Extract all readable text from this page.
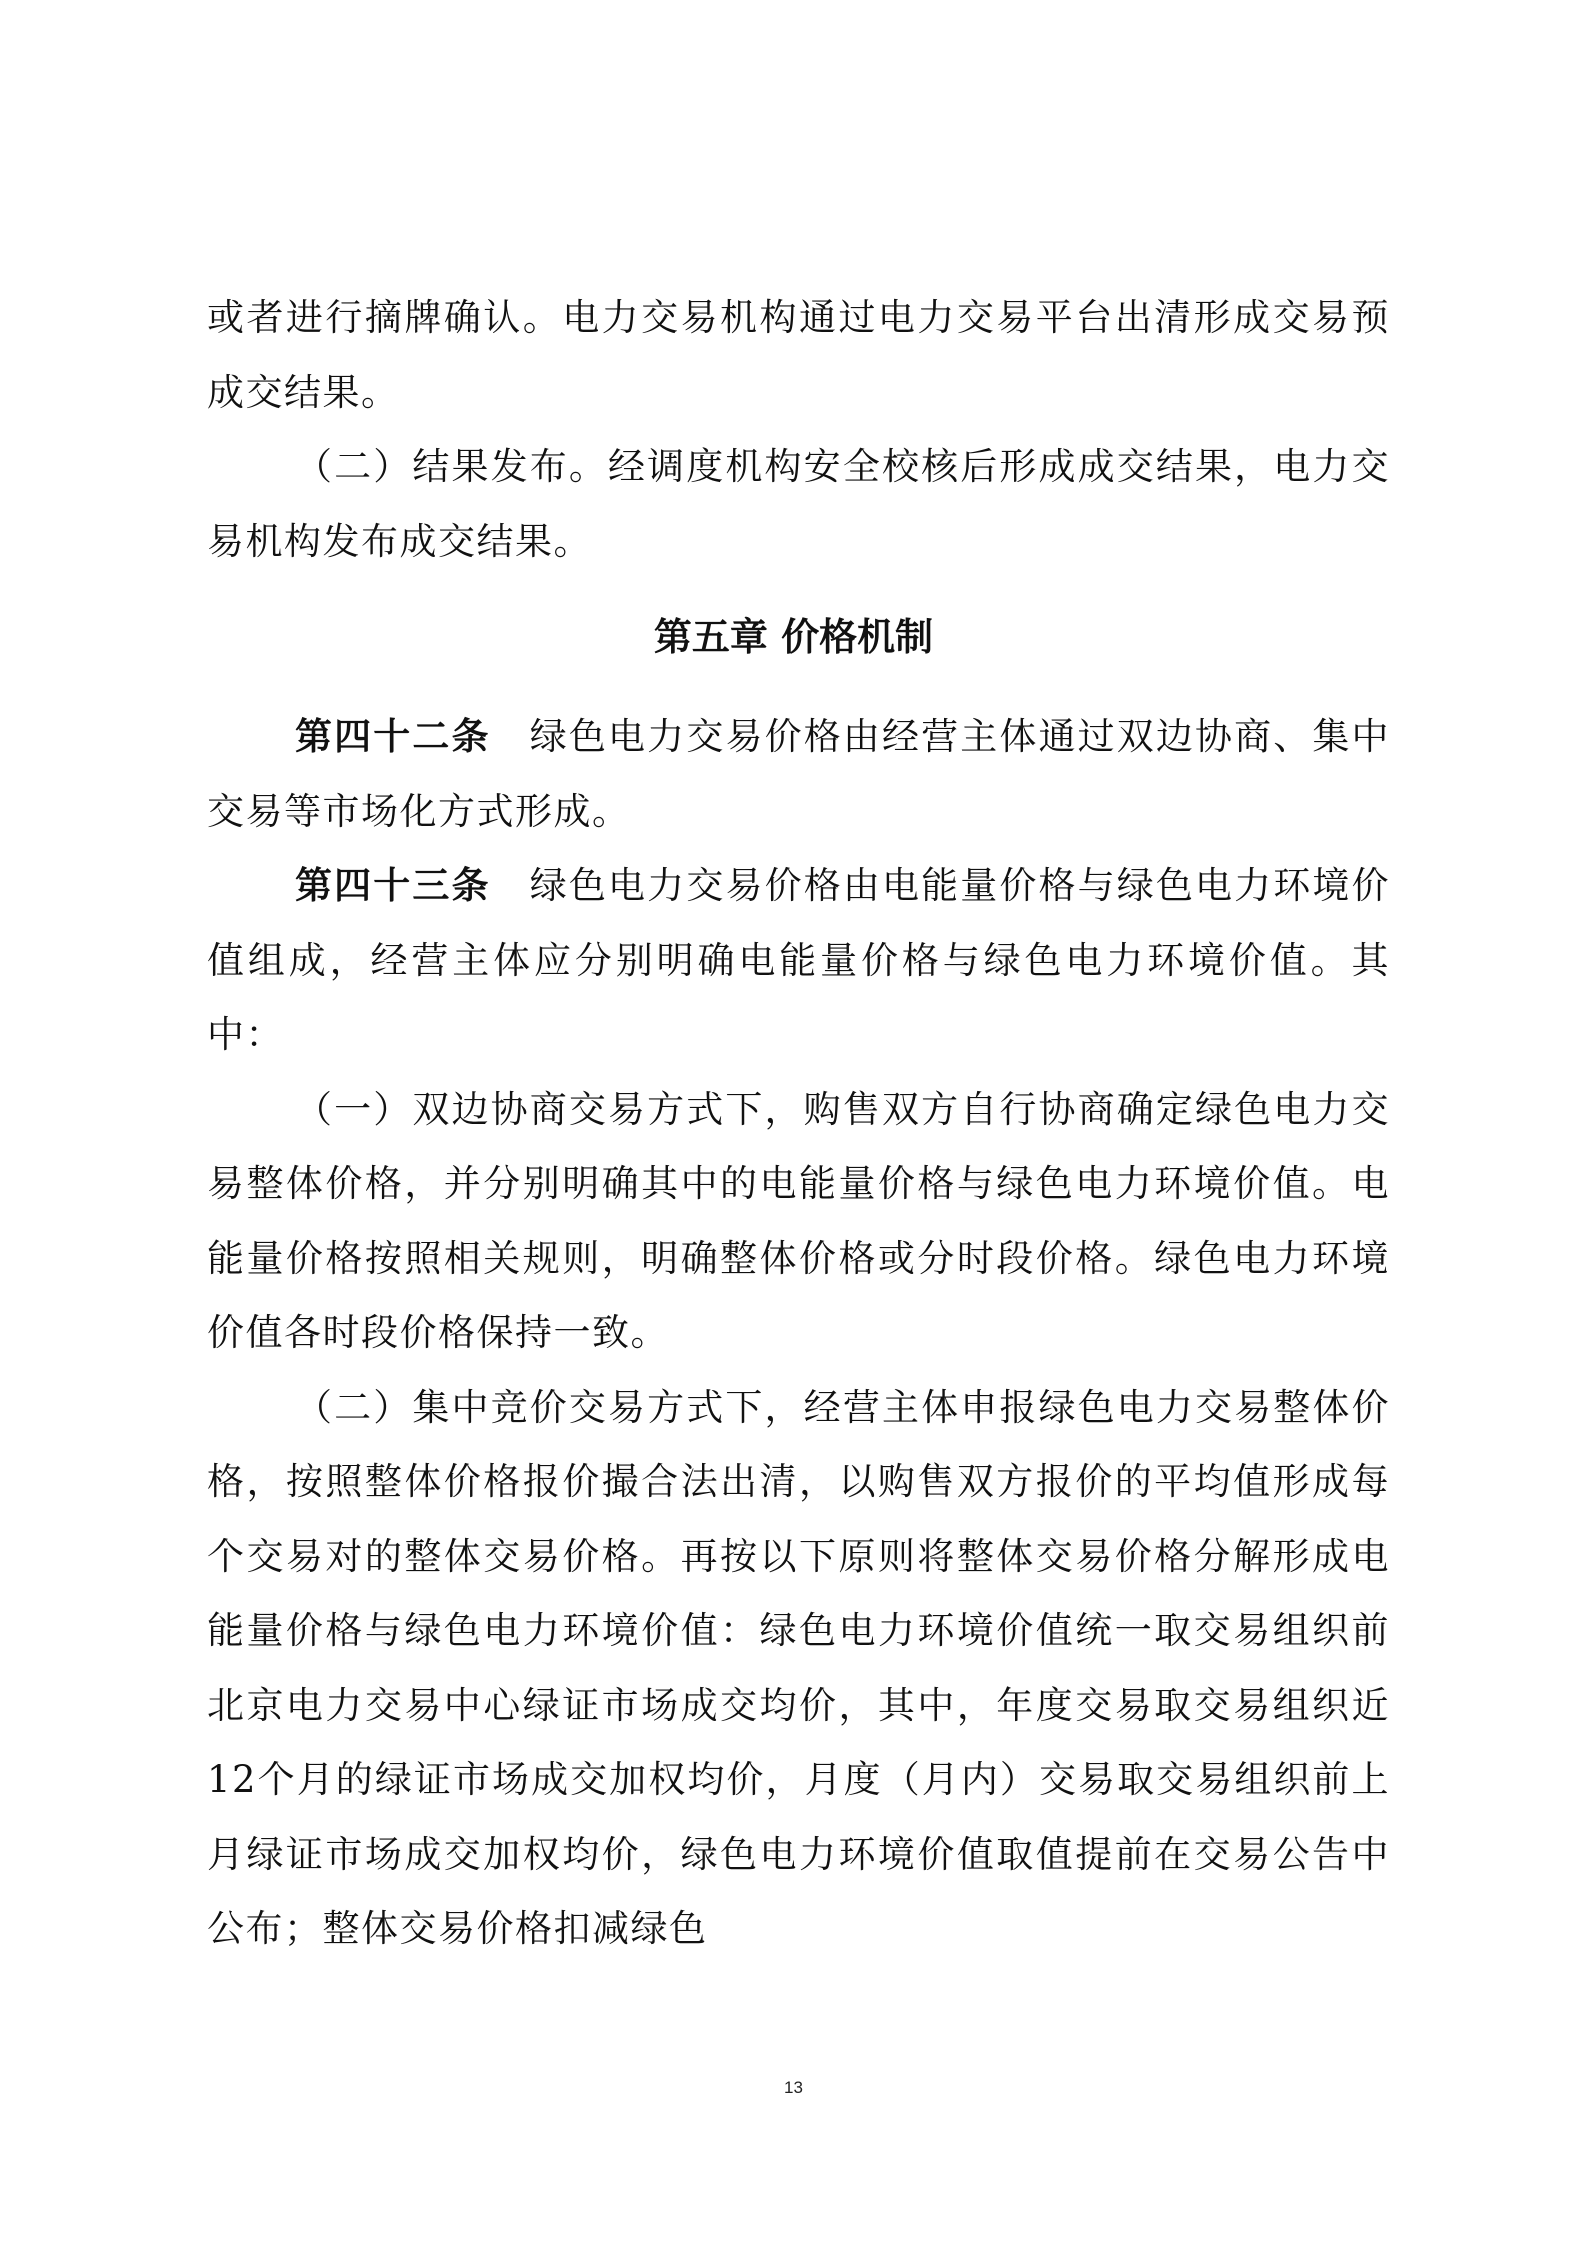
或者进行摘牌确认。电力交易机构通过电力交易平台出清形成交易预成交结果。

（二）结果发布。经调度机构安全校核后形成成交结果，电力交易机构发布成交结果。

第五章 价格机制

第四十二条　 绿色电力交易价格由经营主体通过双边协商、集中交易等市场化方式形成。

第四十三条　 绿色电力交易价格由电能量价格与绿色电力环境价值组成，经营主体应分别明确电能量价格与绿色电力环境价值。其中：

（一）双边协商交易方式下，购售双方自行协商确定绿色电力交易整体价格，并分别明确其中的电能量价格与绿色电力环境价值。电能量价格按照相关规则，明确整体价格或分时段价格。绿色电力环境价值各时段价格保持一致。

（二）集中竞价交易方式下，经营主体申报绿色电力交易整体价格，按照整体价格报价撮合法出清，以购售双方报价的平均值形成每个交易对的整体交易价格。再按以下原则将整体交易价格分解形成电能量价格与绿色电力环境价值：绿色电力环境价值统一取交易组织前北京电力交易中心绿证市场成交均价，其中，年度交易取交易组织近12个月的绿证市场成交加权均价，月度（月内）交易取交易组织前上月绿证市场成交加权均价，绿色电力环境价值取值提前在交易公告中公布；整体交易价格扣减绿色

13
